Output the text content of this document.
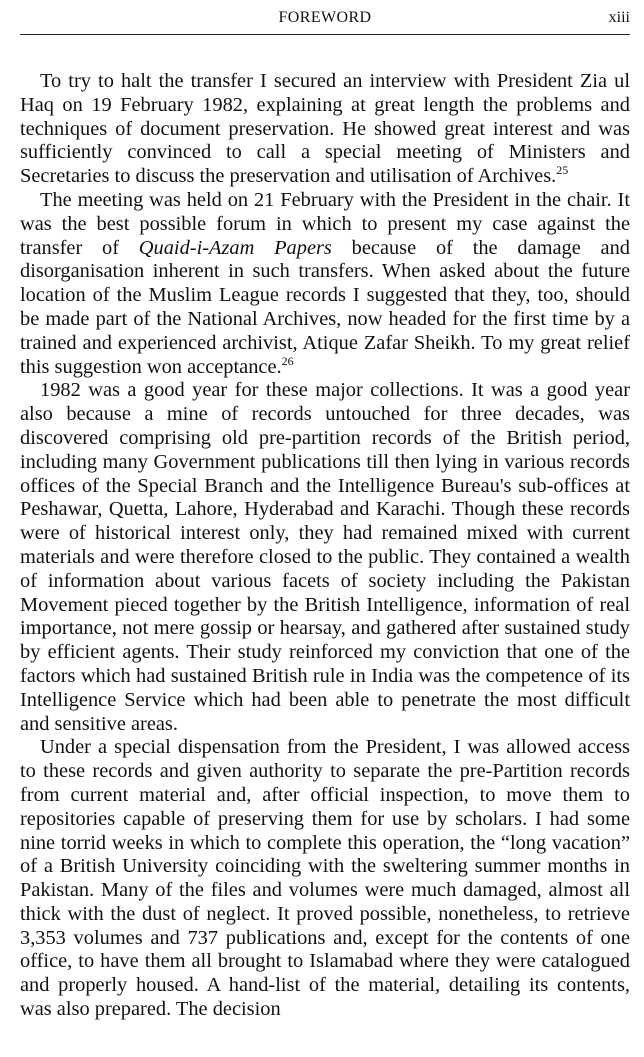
FOREWORD	xiii

To try to halt the transfer I secured an interview with President Zia ul Haq on 19 February 1982, explaining at great length the problems and techniques of document preservation. He showed great interest and was sufficiently convinced to call a special meeting of Ministers and Secretaries to discuss the preservation and utilisation of Archives.$^{25}$

The meeting was held on 21 February with the President in the chair. It was the best possible forum in which to present my case against the transfer of Quaid-i-Azam Papers because of the damage and disorganisation inherent in such transfers. When asked about the future location of the Muslim League records I suggested that they, too, should be made part of the National Archives, now headed for the first time by a trained and experienced archivist, Atique Zafar Sheikh. To my great relief this suggestion won acceptance.$^{26}$

1982 was a good year for these major collections. It was a good year also because a mine of records untouched for three decades, was discovered comprising old pre-partition records of the British period, including many Government publications till then lying in various records offices of the Special Branch and the Intelligence Bureau's sub-offices at Peshawar, Quetta, Lahore, Hyderabad and Karachi. Though these records were of historical interest only, they had remained mixed with current materials and were therefore closed to the public. They contained a wealth of information about various facets of society including the Pakistan Movement pieced together by the British Intelligence, information of real importance, not mere gossip or hearsay, and gathered after sustained study by efficient agents. Their study reinforced my conviction that one of the factors which had sustained British rule in India was the competence of its Intelligence Service which had been able to penetrate the most difficult and sensitive areas.

Under a special dispensation from the President, I was allowed access to these records and given authority to separate the pre-Partition records from current material and, after official inspection, to move them to repositories capable of preserving them for use by scholars. I had some nine torrid weeks in which to complete this operation, the “long vacation” of a British University coinciding with the sweltering summer months in Pakistan. Many of the files and volumes were much damaged, almost all thick with the dust of neglect. It proved possible, nonetheless, to retrieve 3,353 volumes and 737 publications and, except for the contents of one office, to have them all brought to Islamabad where they were catalogued and properly housed. A hand-list of the material, detailing its contents, was also prepared. The decision
